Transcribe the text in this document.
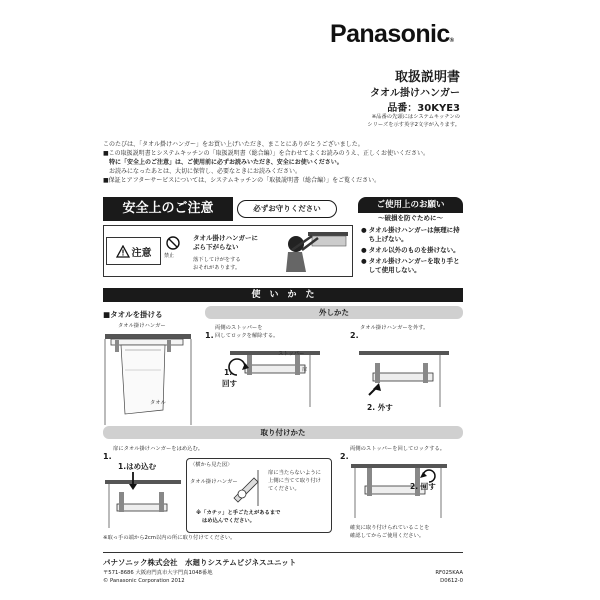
Panasonic®
取扱説明書
タオル掛けハンガー
品番：30KYE3
※品番の先頭にはシステムキッチンの
シリーズを示す英字2文字が入ります。
このたびは、「タオル掛けハンガー」をお買い上げいただき、まことにありがとうございました。
■この取扱説明書とシステムキッチンの「取扱説明書（総合編）」を合わせてよくお読みのうえ、正しくお使いください。
特に「安全上のご注意」は、ご使用前に必ずお読みいただき、安全にお使いください。
お読みになったあとは、大切に保管し、必要なときにお読みください。
■保証とアフターサービスについては、システムキッチンの「取扱説明書（総合編）」をご覧ください。
安全上のご注意	必ずお守りください
注意	禁止
タオル掛けハンガーに
ぶら下がらない
落下してけがをする
おそれがあります。
ご使用上のお願い
～破損を防ぐために～
● タオル掛けハンガーは無理に持ち上げない。
● タオル以外のものを掛けない。
● タオル掛けハンガーを取り手として使用しない。
使　い　か　た
■タオルを掛ける
タオル掛けハンガー
タオル
外しかた
1.
両側のストッパーを
回してロックを解除する。
ストッパー
扉
1.
回す
2.
タオル掛けハンガーを外す。
2. 外す
取り付けかた
1.
扉にタオル掛けハンガーをはめ込む。
1.はめ込む	〈横から見た図〉
タオル掛けハンガー
扉に当たらないように
上側に当てて取り付け
てください。
※「カチッ」と手ごたえがあるまで
はめ込んでください。
2.
両側のストッパーを回してロックする。
2. 回す
確実に取り付けられていることを
確認してからご使用ください。
※取っ手の端から2cm以内の所に取り付けてください。
パナソニック株式会社　水廻りシステムビジネスユニット
〒571-8686 大阪府門真市大字門真1048番地
© Panasonic Corporation 2012
RF025KAA
D0612-0
